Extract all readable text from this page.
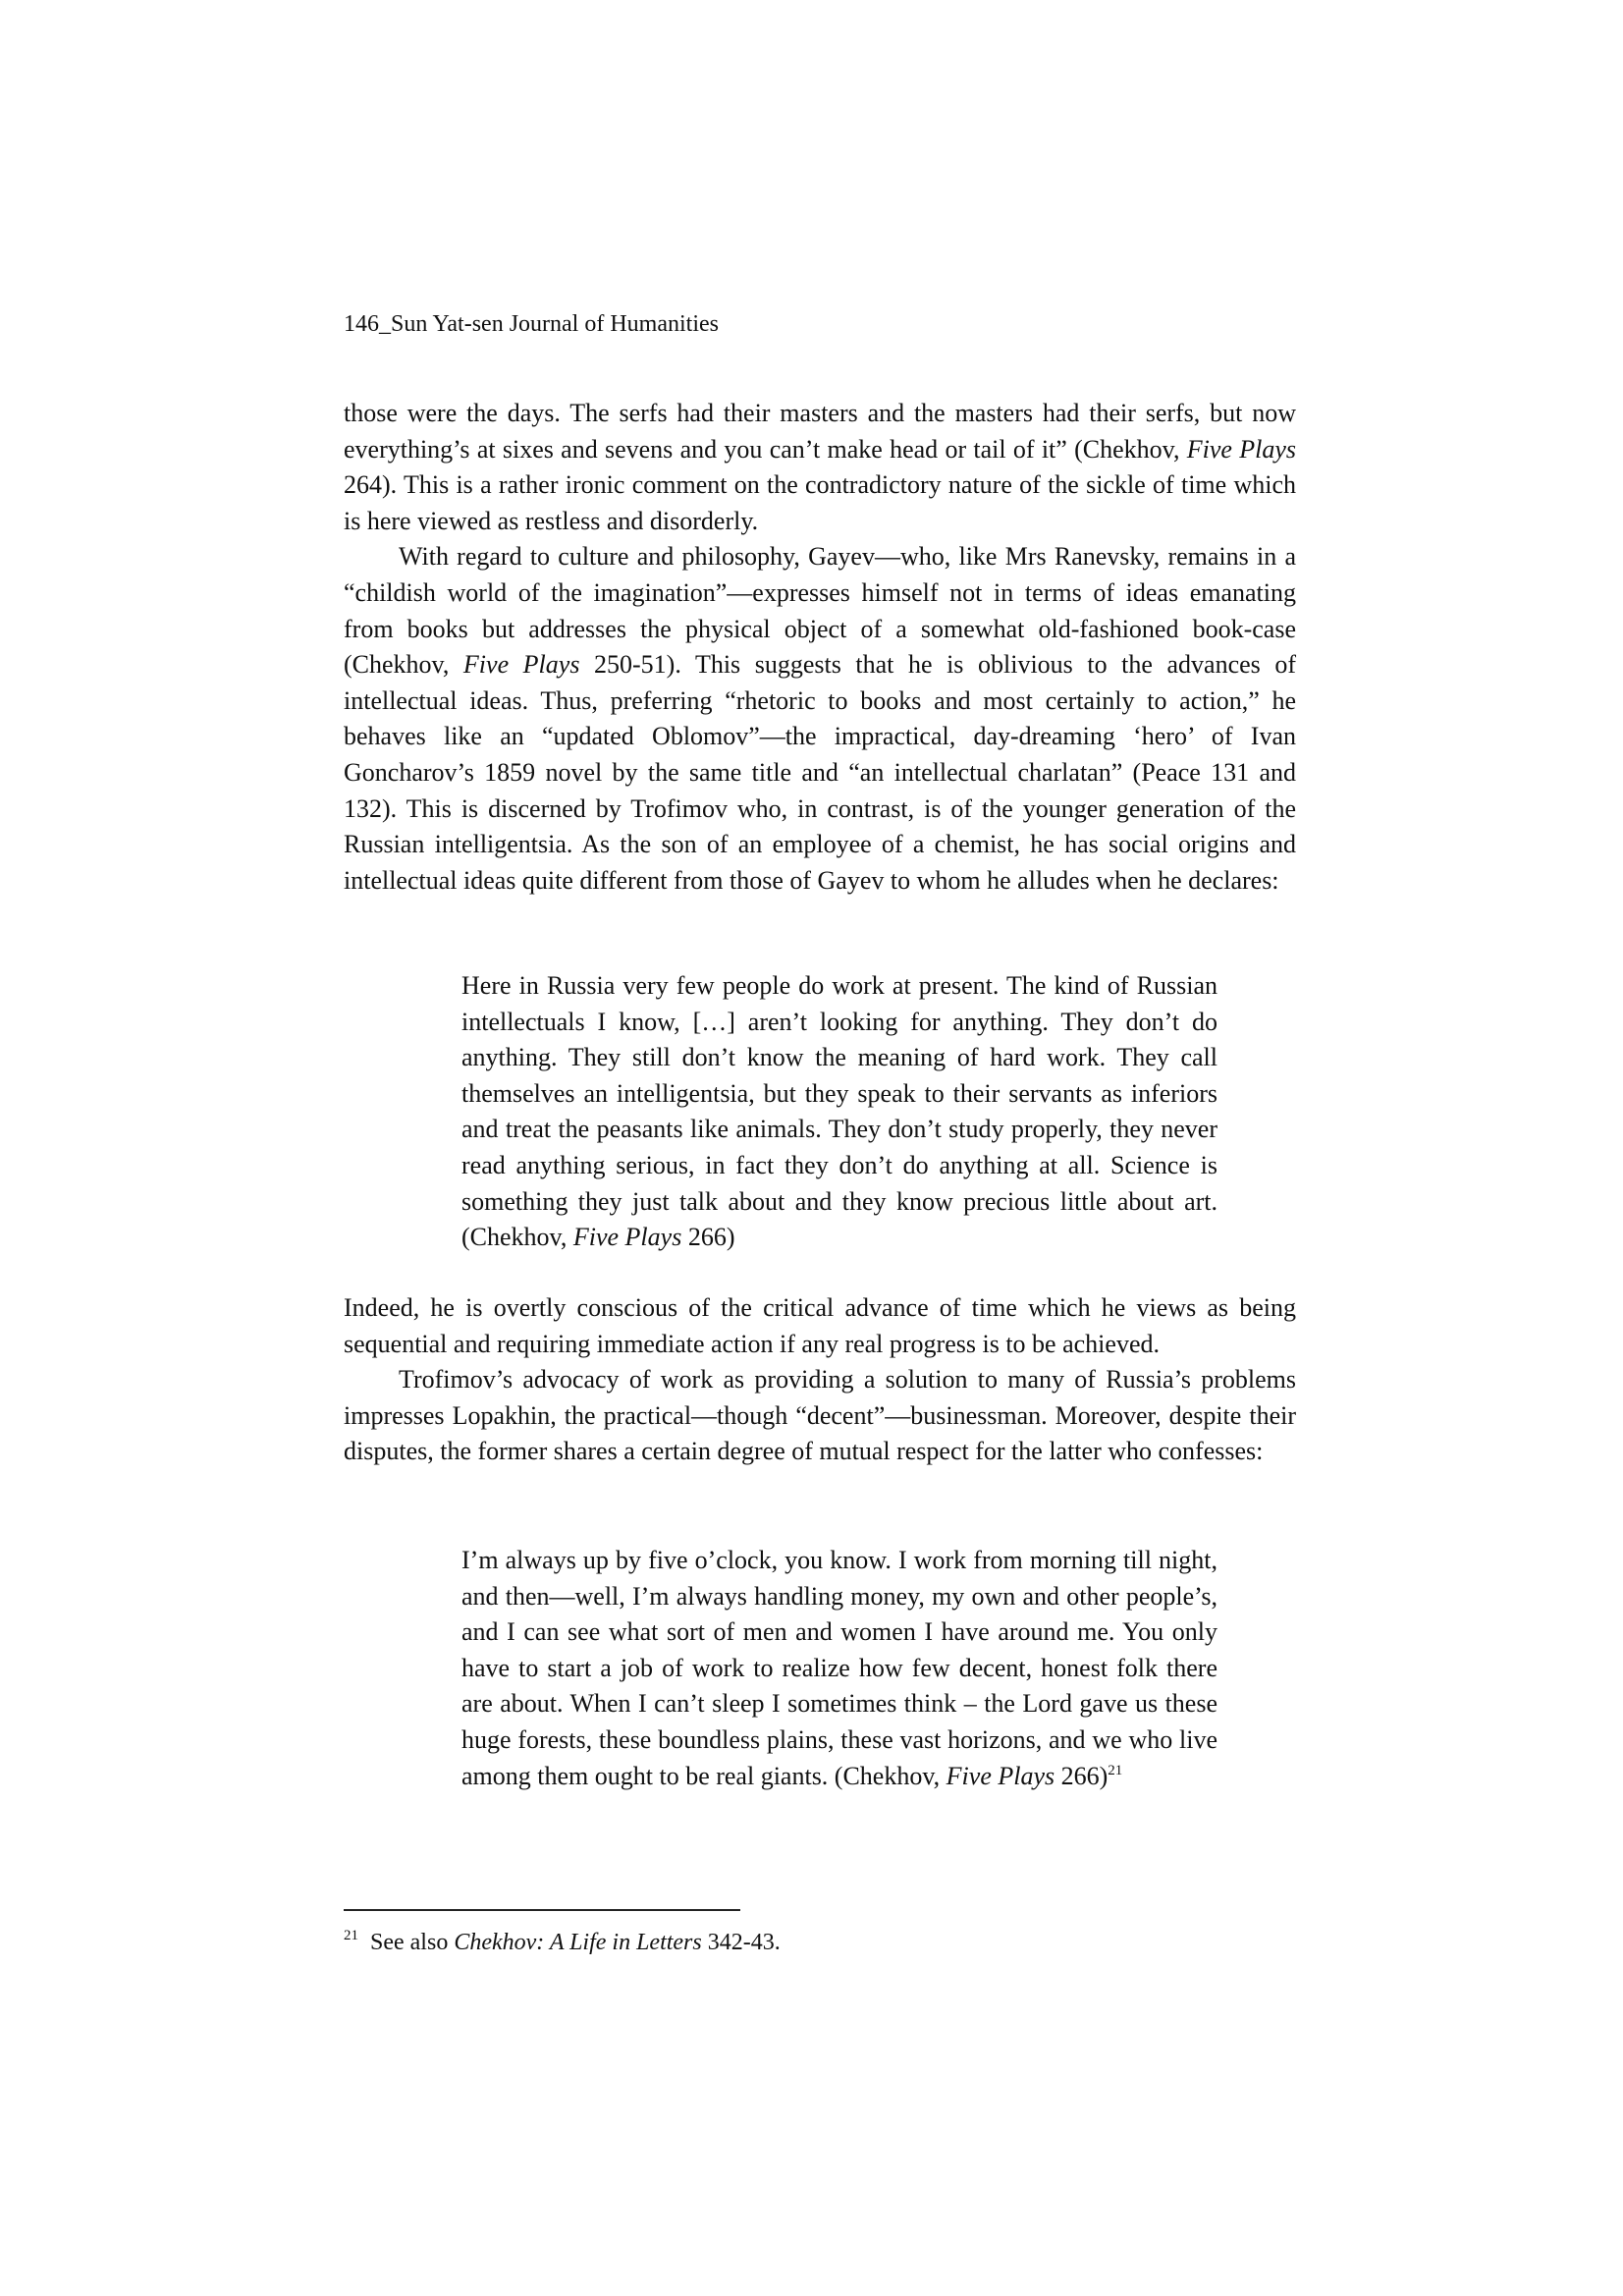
146_Sun Yat-sen Journal of Humanities

those were the days. The serfs had their masters and the masters had their serfs, but now everything’s at sixes and sevens and you can’t make head or tail of it” (Chekhov, Five Plays 264). This is a rather ironic comment on the contradictory nature of the sickle of time which is here viewed as restless and disorderly.

With regard to culture and philosophy, Gayev—who, like Mrs Ranevsky, remains in a “childish world of the imagination”—expresses himself not in terms of ideas emanating from books but addresses the physical object of a somewhat old-fashioned book-case (Chekhov, Five Plays 250-51). This suggests that he is oblivious to the advances of intellectual ideas. Thus, preferring “rhetoric to books and most certainly to action,” he behaves like an “updated Oblomov”—the impractical, day-dreaming ‘hero’ of Ivan Goncharov’s 1859 novel by the same title and “an intellectual charlatan” (Peace 131 and 132). This is discerned by Trofimov who, in contrast, is of the younger generation of the Russian intelligentsia. As the son of an employee of a chemist, he has social origins and intellectual ideas quite different from those of Gayev to whom he alludes when he declares:

Here in Russia very few people do work at present. The kind of Russian intellectuals I know, […] aren’t looking for anything. They don’t do anything. They still don’t know the meaning of hard work. They call themselves an intelligentsia, but they speak to their servants as inferiors and treat the peasants like animals. They don’t study properly, they never read anything serious, in fact they don’t do anything at all. Science is something they just talk about and they know precious little about art. (Chekhov, Five Plays 266)

Indeed, he is overtly conscious of the critical advance of time which he views as being sequential and requiring immediate action if any real progress is to be achieved.

Trofimov’s advocacy of work as providing a solution to many of Russia’s problems impresses Lopakhin, the practical—though “decent”—businessman. Moreover, despite their disputes, the former shares a certain degree of mutual respect for the latter who confesses:

I’m always up by five o’clock, you know. I work from morning till night, and then—well, I’m always handling money, my own and other people’s, and I can see what sort of men and women I have around me. You only have to start a job of work to realize how few decent, honest folk there are about. When I can’t sleep I sometimes think – the Lord gave us these huge forests, these boundless plains, these vast horizons, and we who live among them ought to be real giants. (Chekhov, Five Plays 266)$^{21}$

$^{21}$ See also Chekhov: A Life in Letters 342-43.
